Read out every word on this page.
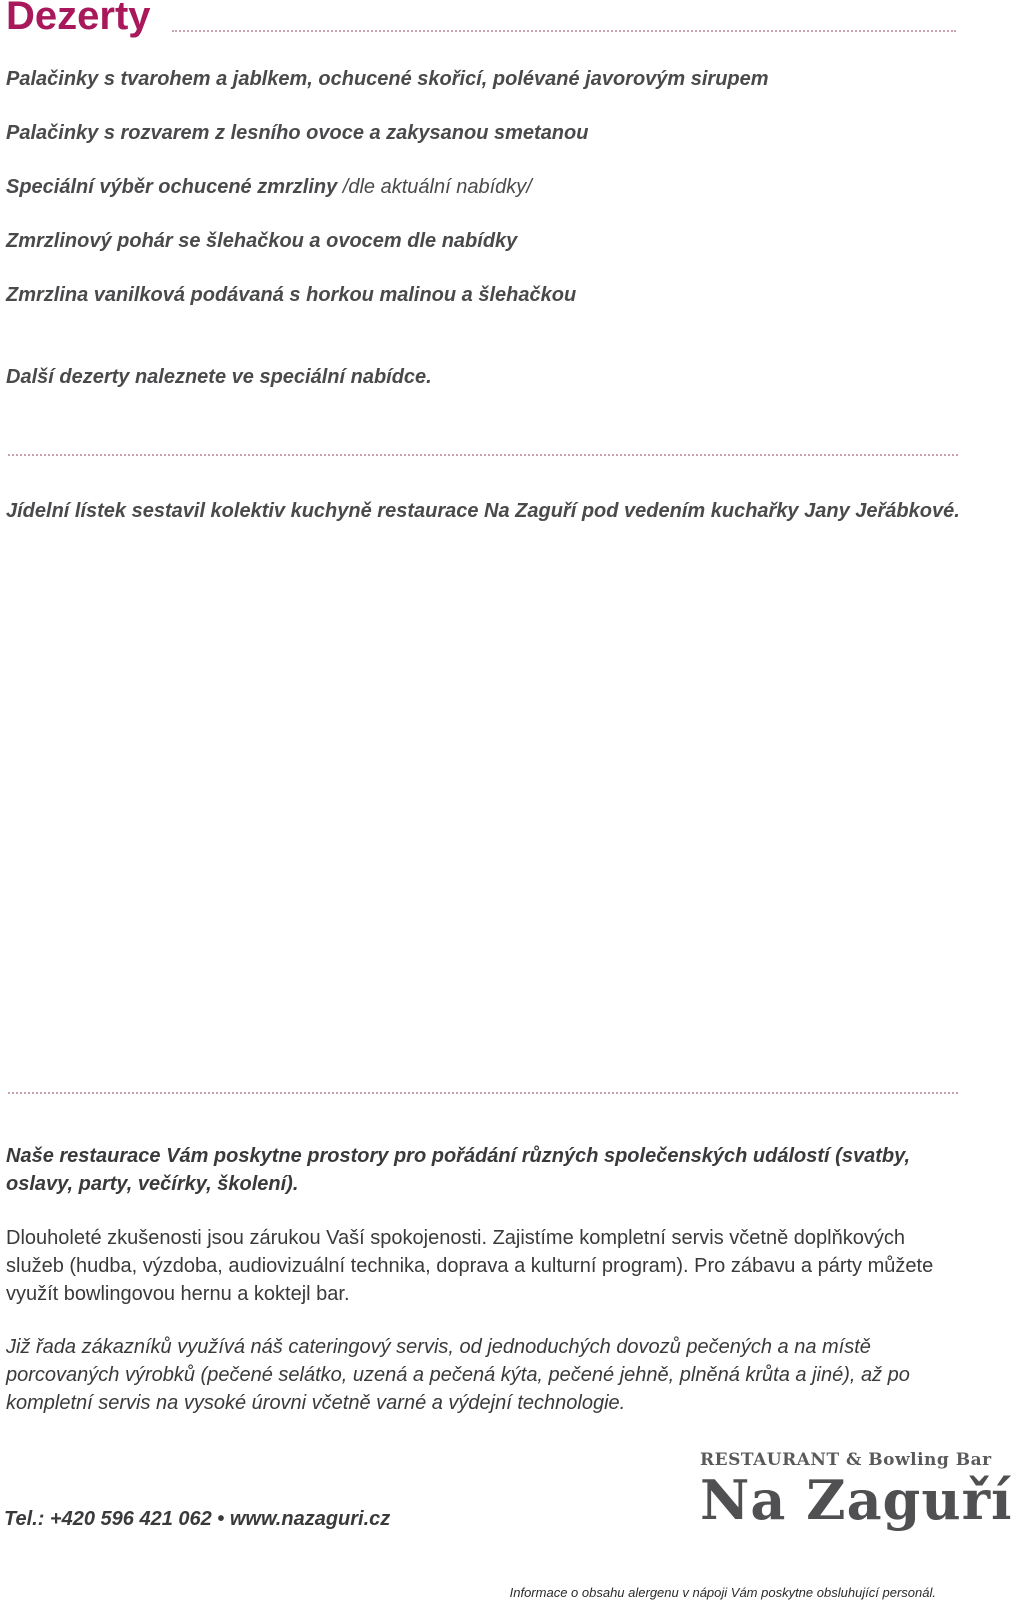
Dezerty
Palačinky s tvarohem a jablkem, ochucené skořicí, polévané javorovým sirupem
Palačinky s rozvarem z lesního ovoce a zakysanou smetanou
Speciální výběr ochucené zmrzliny /dle aktuální nabídky/
Zmrzlinový pohár se šlehačkou a ovocem dle nabídky
Zmrzlina vanilková podávaná s horkou malinou a šlehačkou
Další dezerty naleznete ve speciální nabídce.
Jídelní lístek sestavil kolektiv kuchyně restaurace Na Zaguří pod vedením kuchařky Jany Jeřábkové.
Naše restaurace Vám poskytne prostory pro pořádání různých společenských událostí (svatby, oslavy, party, večírky, školení).
Dlouholeté zkušenosti jsou zárukou Vaší spokojenosti. Zajistíme kompletní servis včetně doplňkových služeb (hudba, výzdoba, audiovizuální technika, doprava a kulturní program). Pro zábavu a párty můžete využít bowlingovou hernu a koktejl bar.
Již řada zákazníků využívá náš cateringový servis, od jednoduchých dovozů pečených a na místě porcovaných výrobků (pečené selátko, uzená a pečená kýta, pečené jehně, plněná krůta a jiné), až po kompletní servis na vysoké úrovni včetně varné a výdejní technologie.
Tel.: +420 596 421 062 • www.nazaguri.cz
RESTAURANT & Bowling Bar
Na Zaguří
Informace o obsahu alergenu v nápoji Vám poskytne obsluhující personál.
